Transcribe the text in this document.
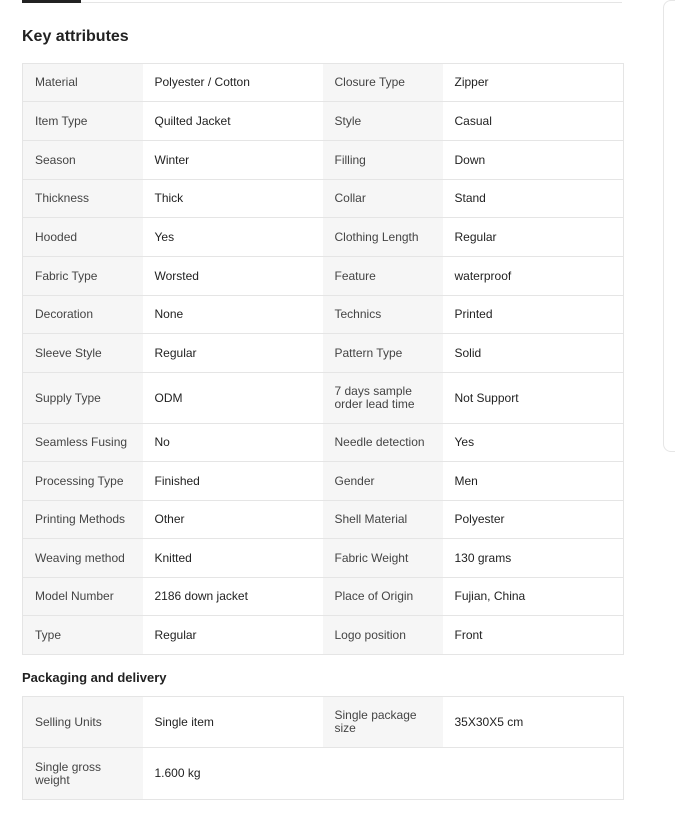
Key attributes
Material	Polyester / Cotton	Closure Type	Zipper
Item Type	Quilted Jacket	Style	Casual
Season	Winter	Filling	Down
Thickness	Thick	Collar	Stand
Hooded	Yes	Clothing Length	Regular
Fabric Type	Worsted	Feature	waterproof
Decoration	None	Technics	Printed
Sleeve Style	Regular	Pattern Type	Solid
Supply Type	ODM	7 days sample order lead time	Not Support
Seamless Fusing	No	Needle detection	Yes
Processing Type	Finished	Gender	Men
Printing Methods	Other	Shell Material	Polyester
Weaving method	Knitted	Fabric Weight	130 grams
Model Number	2186 down jacket	Place of Origin	Fujian, China
Type	Regular	Logo position	Front
Packaging and delivery
Selling Units	Single item	Single package size	35X30X5 cm
Single gross weight	1.600 kg		
